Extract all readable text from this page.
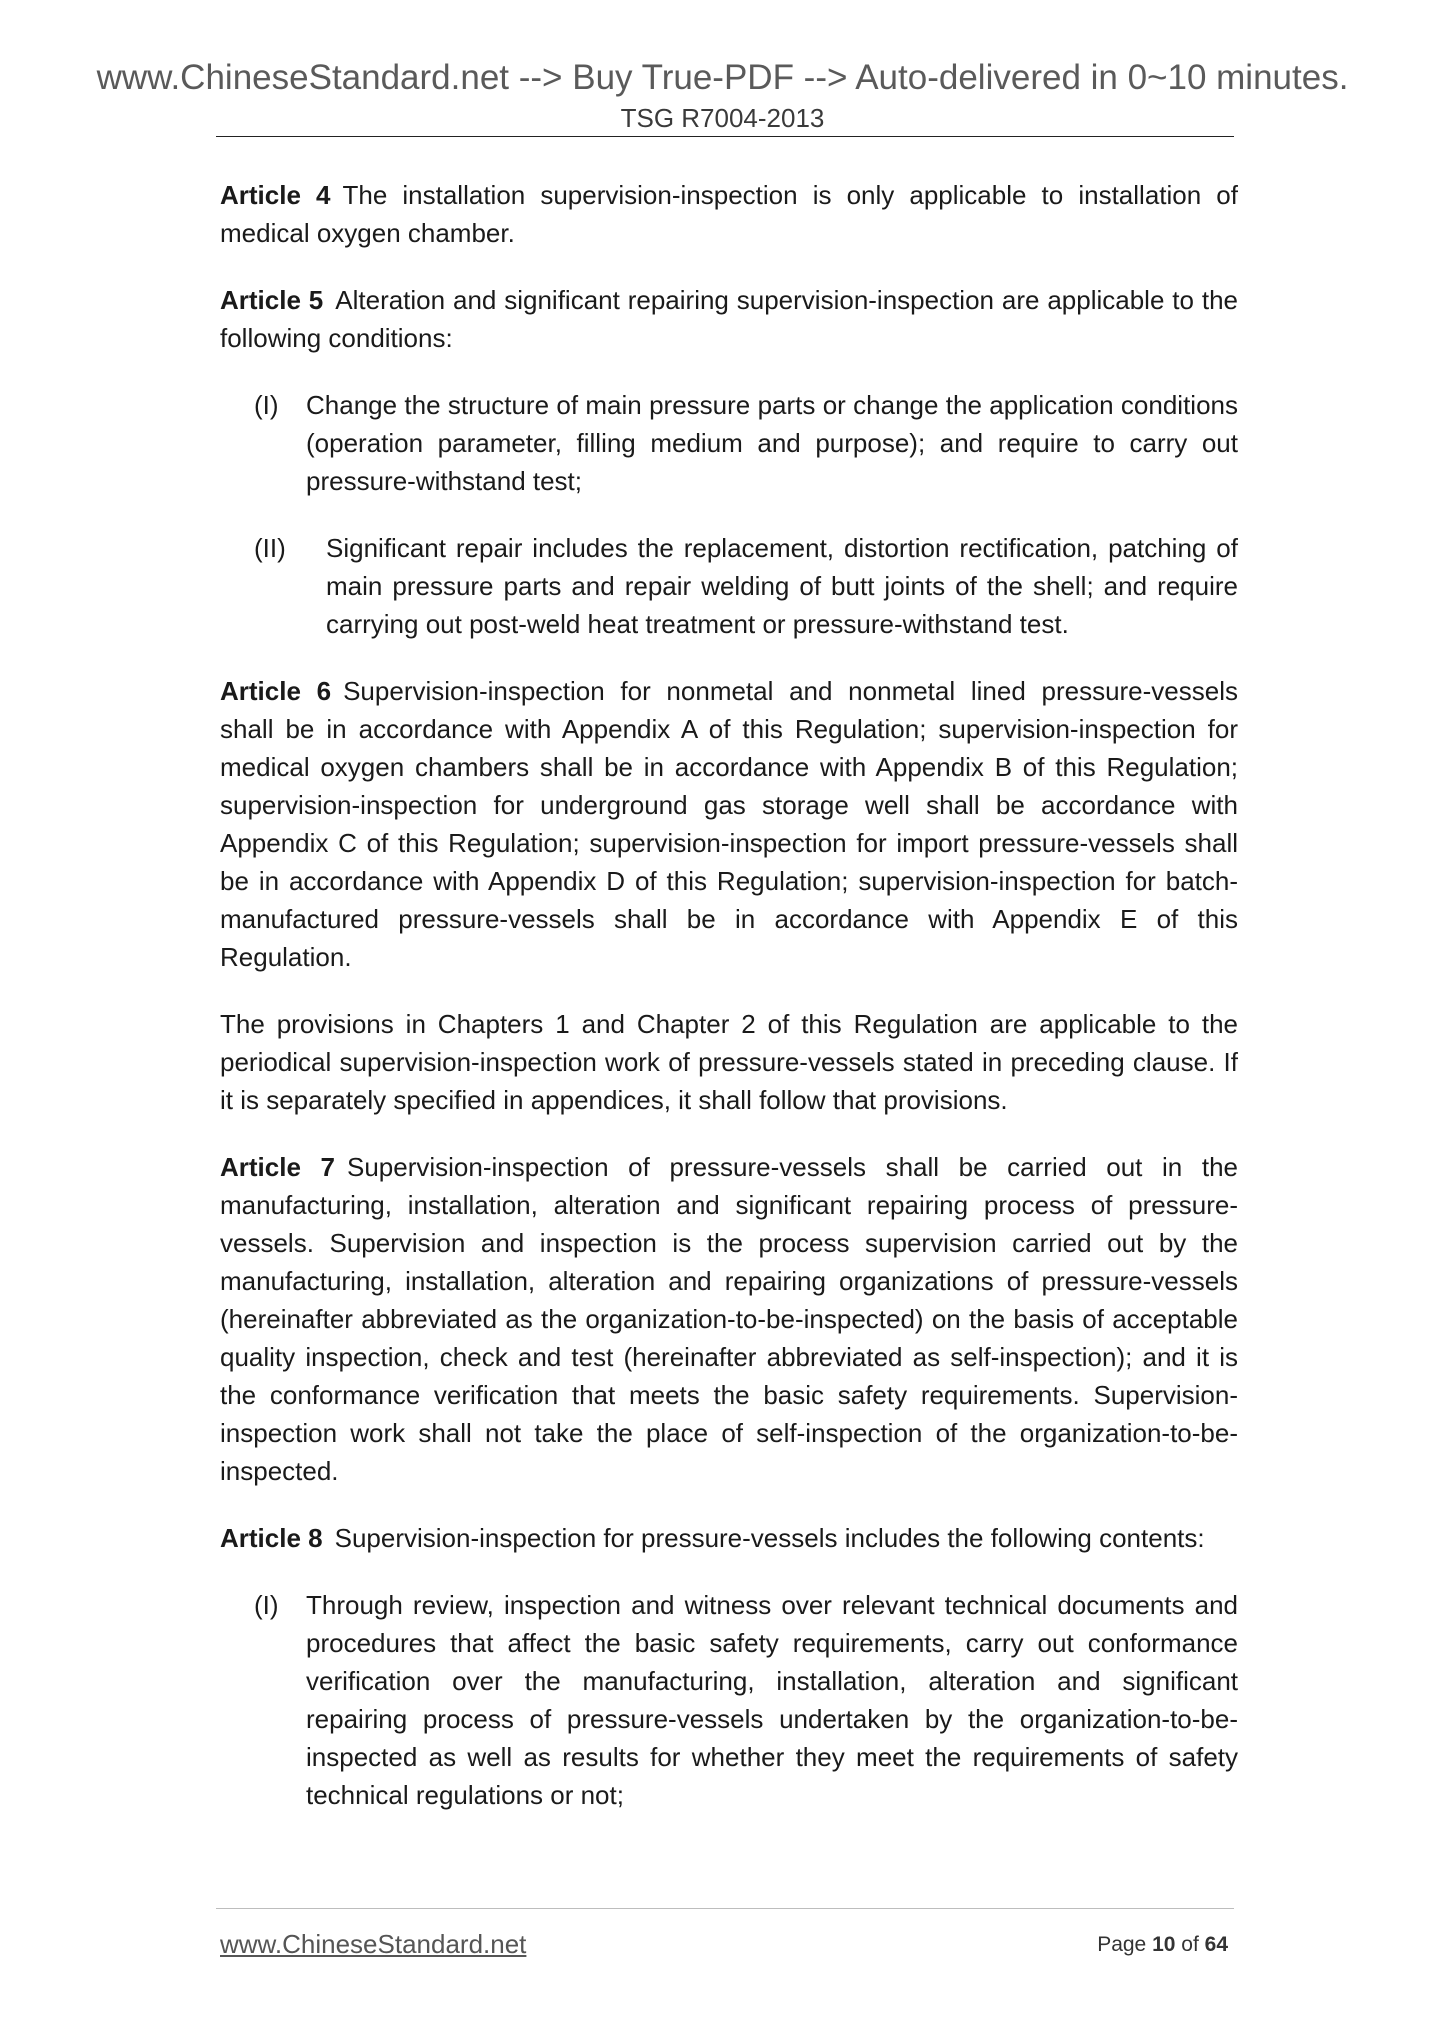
www.ChineseStandard.net --> Buy True-PDF --> Auto-delivered in 0~10 minutes.
TSG R7004-2013

Article 4 The installation supervision-inspection is only applicable to installation of medical oxygen chamber.

Article 5 Alteration and significant repairing supervision-inspection are applicable to the following conditions:

(I)	Change the structure of main pressure parts or change the application conditions (operation parameter, filling medium and purpose); and require to carry out pressure-withstand test;
(II)	Significant repair includes the replacement, distortion rectification, patching of main pressure parts and repair welding of butt joints of the shell; and require carrying out post-weld heat treatment or pressure-withstand test.

Article 6 Supervision-inspection for nonmetal and nonmetal lined pressure-vessels shall be in accordance with Appendix A of this Regulation; supervision-inspection for medical oxygen chambers shall be in accordance with Appendix B of this Regulation; supervision-inspection for underground gas storage well shall be accordance with Appendix C of this Regulation; supervision-inspection for import pressure-vessels shall be in accordance with Appendix D of this Regulation; supervision-inspection for batch-manufactured pressure-vessels shall be in accordance with Appendix E of this Regulation.

The provisions in Chapters 1 and Chapter 2 of this Regulation are applicable to the periodical supervision-inspection work of pressure-vessels stated in preceding clause. If it is separately specified in appendices, it shall follow that provisions.

Article 7 Supervision-inspection of pressure-vessels shall be carried out in the manufacturing, installation, alteration and significant repairing process of pressure-vessels. Supervision and inspection is the process supervision carried out by the manufacturing, installation, alteration and repairing organizations of pressure-vessels (hereinafter abbreviated as the organization-to-be-inspected) on the basis of acceptable quality inspection, check and test (hereinafter abbreviated as self-inspection); and it is the conformance verification that meets the basic safety requirements. Supervision-inspection work shall not take the place of self-inspection of the organization-to-be-inspected.

Article 8 Supervision-inspection for pressure-vessels includes the following contents:

(I)	Through review, inspection and witness over relevant technical documents and procedures that affect the basic safety requirements, carry out conformance verification over the manufacturing, installation, alteration and significant repairing process of pressure-vessels undertaken by the organization-to-be-inspected as well as results for whether they meet the requirements of safety technical regulations or not;
www.ChineseStandard.net	Page 10 of 64
